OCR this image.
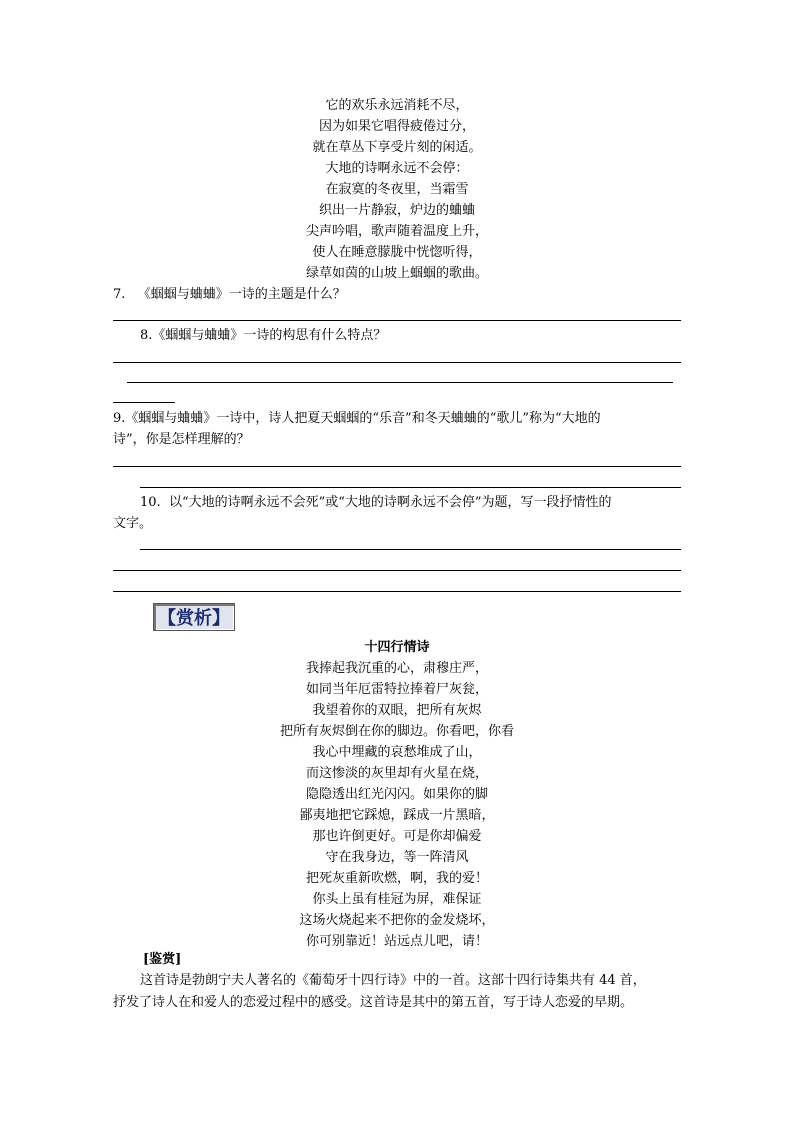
它的欢乐永远消耗不尽，
因为如果它唱得疲倦过分，
就在草丛下享受片刻的闲适。
大地的诗啊永远不会停：
在寂寞的冬夜里，当霜雪
织出一片静寂，炉边的蛐蛐
尖声吟唱，歌声随着温度上升，
使人在睡意朦胧中恍惚听得，
绿草如茵的山坡上蝈蝈的歌曲。
7.   《蝈蝈与蛐蛐》一诗的主题是什么？
8.《蝈蝈与蛐蛐》一诗的构思有什么特点？
9.《蝈蝈与蛐蛐》一诗中，诗人把夏天蝈蝈的“乐音”和冬天蛐蛐的“歌儿”称为“大地的
诗”，你是怎样理解的？
10.  以“大地的诗啊永远不会死”或“大地的诗啊永远不会停”为题，写一段抒情性的
文字。
【赏析】
十四行情诗
我捧起我沉重的心，肃穆庄严，
如同当年厄雷特拉捧着尸灰瓮，
我望着你的双眼，把所有灰烬
把所有灰烬倒在你的脚边。你看吧，你看
我心中埋藏的哀愁堆成了山，
而这惨淡的灰里却有火星在烧，
隐隐透出红光闪闪。如果你的脚
鄙夷地把它踩熄，踩成一片黑暗，
那也许倒更好。可是你却偏爱
守在我身边，等一阵清风
把死灰重新吹燃，啊，我的爱！
你头上虽有桂冠为屏，难保证
这场火烧起来不把你的金发烧坏，
你可别靠近！站远点儿吧，请！
[鉴赏]
这首诗是勃朗宁夫人著名的《葡萄牙十四行诗》中的一首。这部十四行诗集共有 44 首，
抒发了诗人在和爱人的恋爱过程中的感受。这首诗是其中的第五首，写于诗人恋爱的早期。
